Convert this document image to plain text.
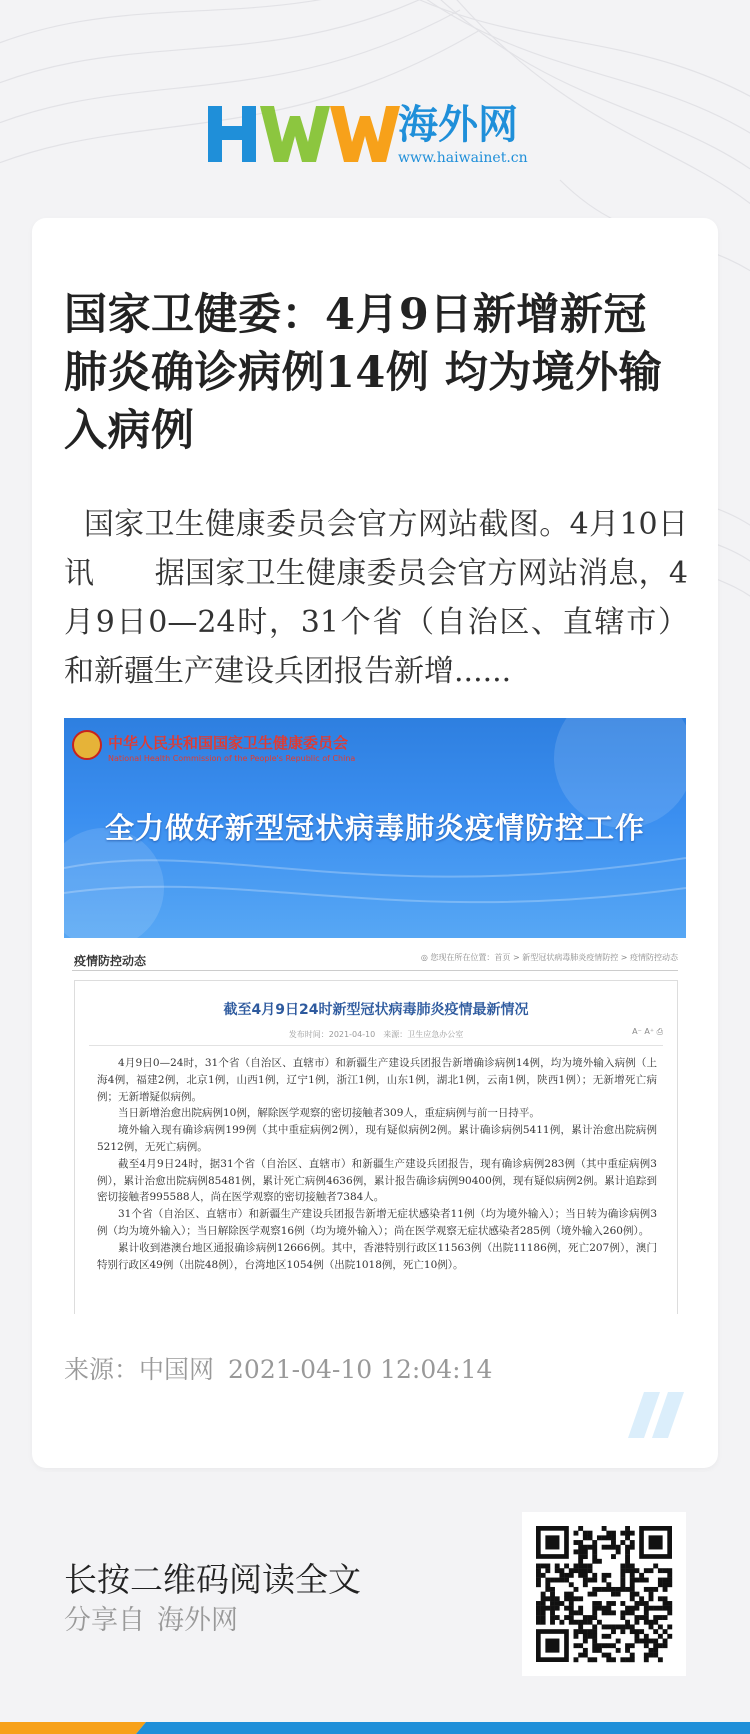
海外网
www.haiwainet.cn
国家卫健委：4月9日新增新冠肺炎确诊病例14例 均为境外输入病例
国家卫生健康委员会官方网站截图。4月10日讯　　据国家卫生健康委员会官方网站消息，4月9日0—24时，31个省（自治区、直辖市）和新疆生产建设兵团报告新增......
中华人民共和国国家卫生健康委员会
National Health Commission of the People's Republic of China
全力做好新型冠状病毒肺炎疫情防控工作
疫情防控动态	◎ 您现在所在位置：首页 > 新型冠状病毒肺炎疫情防控 > 疫情防控动态
截至4月9日24时新型冠状病毒肺炎疫情最新情况
发布时间：2021-04-10　来源：卫生应急办公室	A⁻ A⁺ ⎙

4月9日0—24时，31个省（自治区、直辖市）和新疆生产建设兵团报告新增确诊病例14例，均为境外输入病例（上海4例，福建2例，北京1例，山西1例，辽宁1例，浙江1例，山东1例，湖北1例，云南1例，陕西1例）；无新增死亡病例；无新增疑似病例。

当日新增治愈出院病例10例，解除医学观察的密切接触者309人，重症病例与前一日持平。

境外输入现有确诊病例199例（其中重症病例2例），现有疑似病例2例。累计确诊病例5411例，累计治愈出院病例5212例，无死亡病例。

截至4月9日24时，据31个省（自治区、直辖市）和新疆生产建设兵团报告，现有确诊病例283例（其中重症病例3例），累计治愈出院病例85481例，累计死亡病例4636例，累计报告确诊病例90400例，现有疑似病例2例。累计追踪到密切接触者995588人，尚在医学观察的密切接触者7384人。

31个省（自治区、直辖市）和新疆生产建设兵团报告新增无症状感染者11例（均为境外输入）；当日转为确诊病例3例（均为境外输入）；当日解除医学观察16例（均为境外输入）；尚在医学观察无症状感染者285例（境外输入260例）。

累计收到港澳台地区通报确诊病例12666例。其中，香港特别行政区11563例（出院11186例，死亡207例），澳门特别行政区49例（出院48例），台湾地区1054例（出院1018例，死亡10例）。

来源：中国网 2021-04-10 12:04:14
长按二维码阅读全文
分享自 海外网
